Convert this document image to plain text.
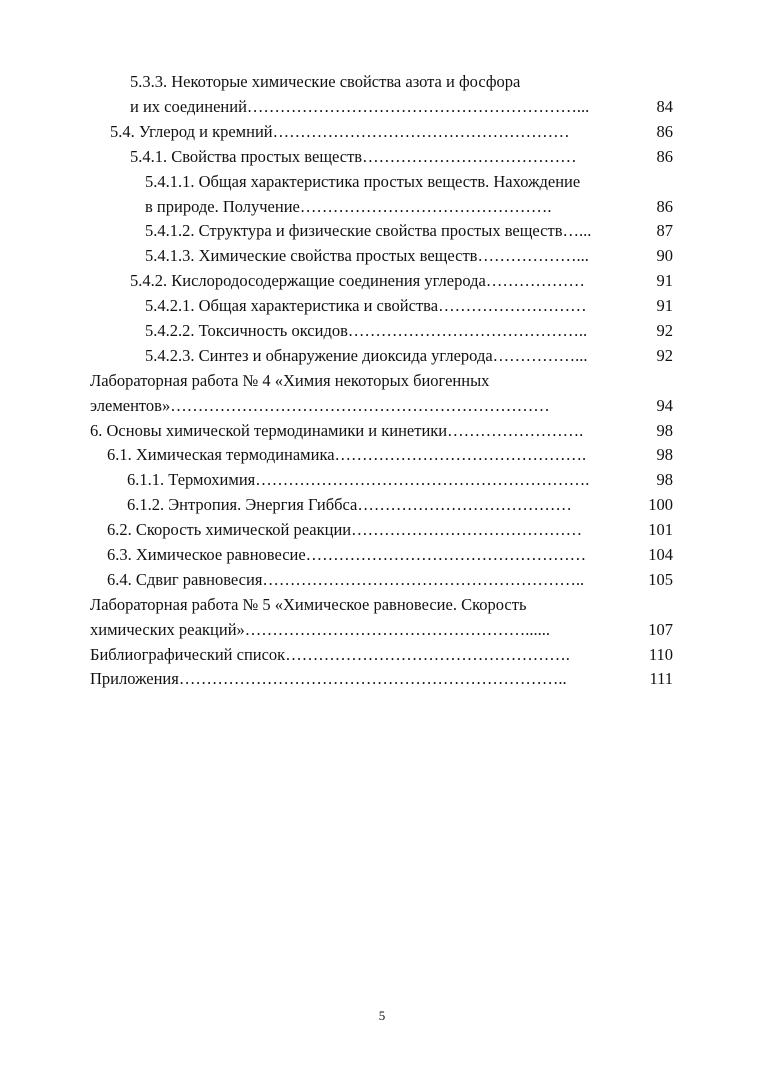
5.3.3. Некоторые химические свойства азота и фосфора
и их соединений……………………………………………………...	84
5.4. Углерод и кремний………………………………………………	86
5.4.1. Свойства простых веществ…………………………………	86
5.4.1.1. Общая характеристика простых веществ. Нахождение
в природе. Получение……………………………………….	86
5.4.1.2. Структура и физические свойства простых веществ…...	87
5.4.1.3. Химические свойства простых веществ………………...	90
5.4.2. Кислородосодержащие соединения углерода………………	91
5.4.2.1. Общая характеристика и свойства………………………	91
5.4.2.2. Токсичность оксидов……………………………………..	92
5.4.2.3. Синтез и обнаружение диоксида углерода……………...	92
Лабораторная работа № 4 «Химия некоторых биогенных
элементов»……………………………………………………………	94
6. Основы химической термодинамики и кинетики…………………….	98
6.1. Химическая термодинамика……………………………………….	98
6.1.1. Термохимия…………………………………………………….	98
6.1.2. Энтропия. Энергия Гиббса…………………………………	100
6.2. Скорость химической реакции……………………………………	101
6.3. Химическое равновесие……………………………………………	104
6.4. Сдвиг равновесия…………………………………………………..	105
Лабораторная работа № 5 «Химическое равновесие. Скорость
химических реакций»……………………………………………......	107
Библиографический список…………………………………………….	110
Приложения……………………………………………………………..	111
5
